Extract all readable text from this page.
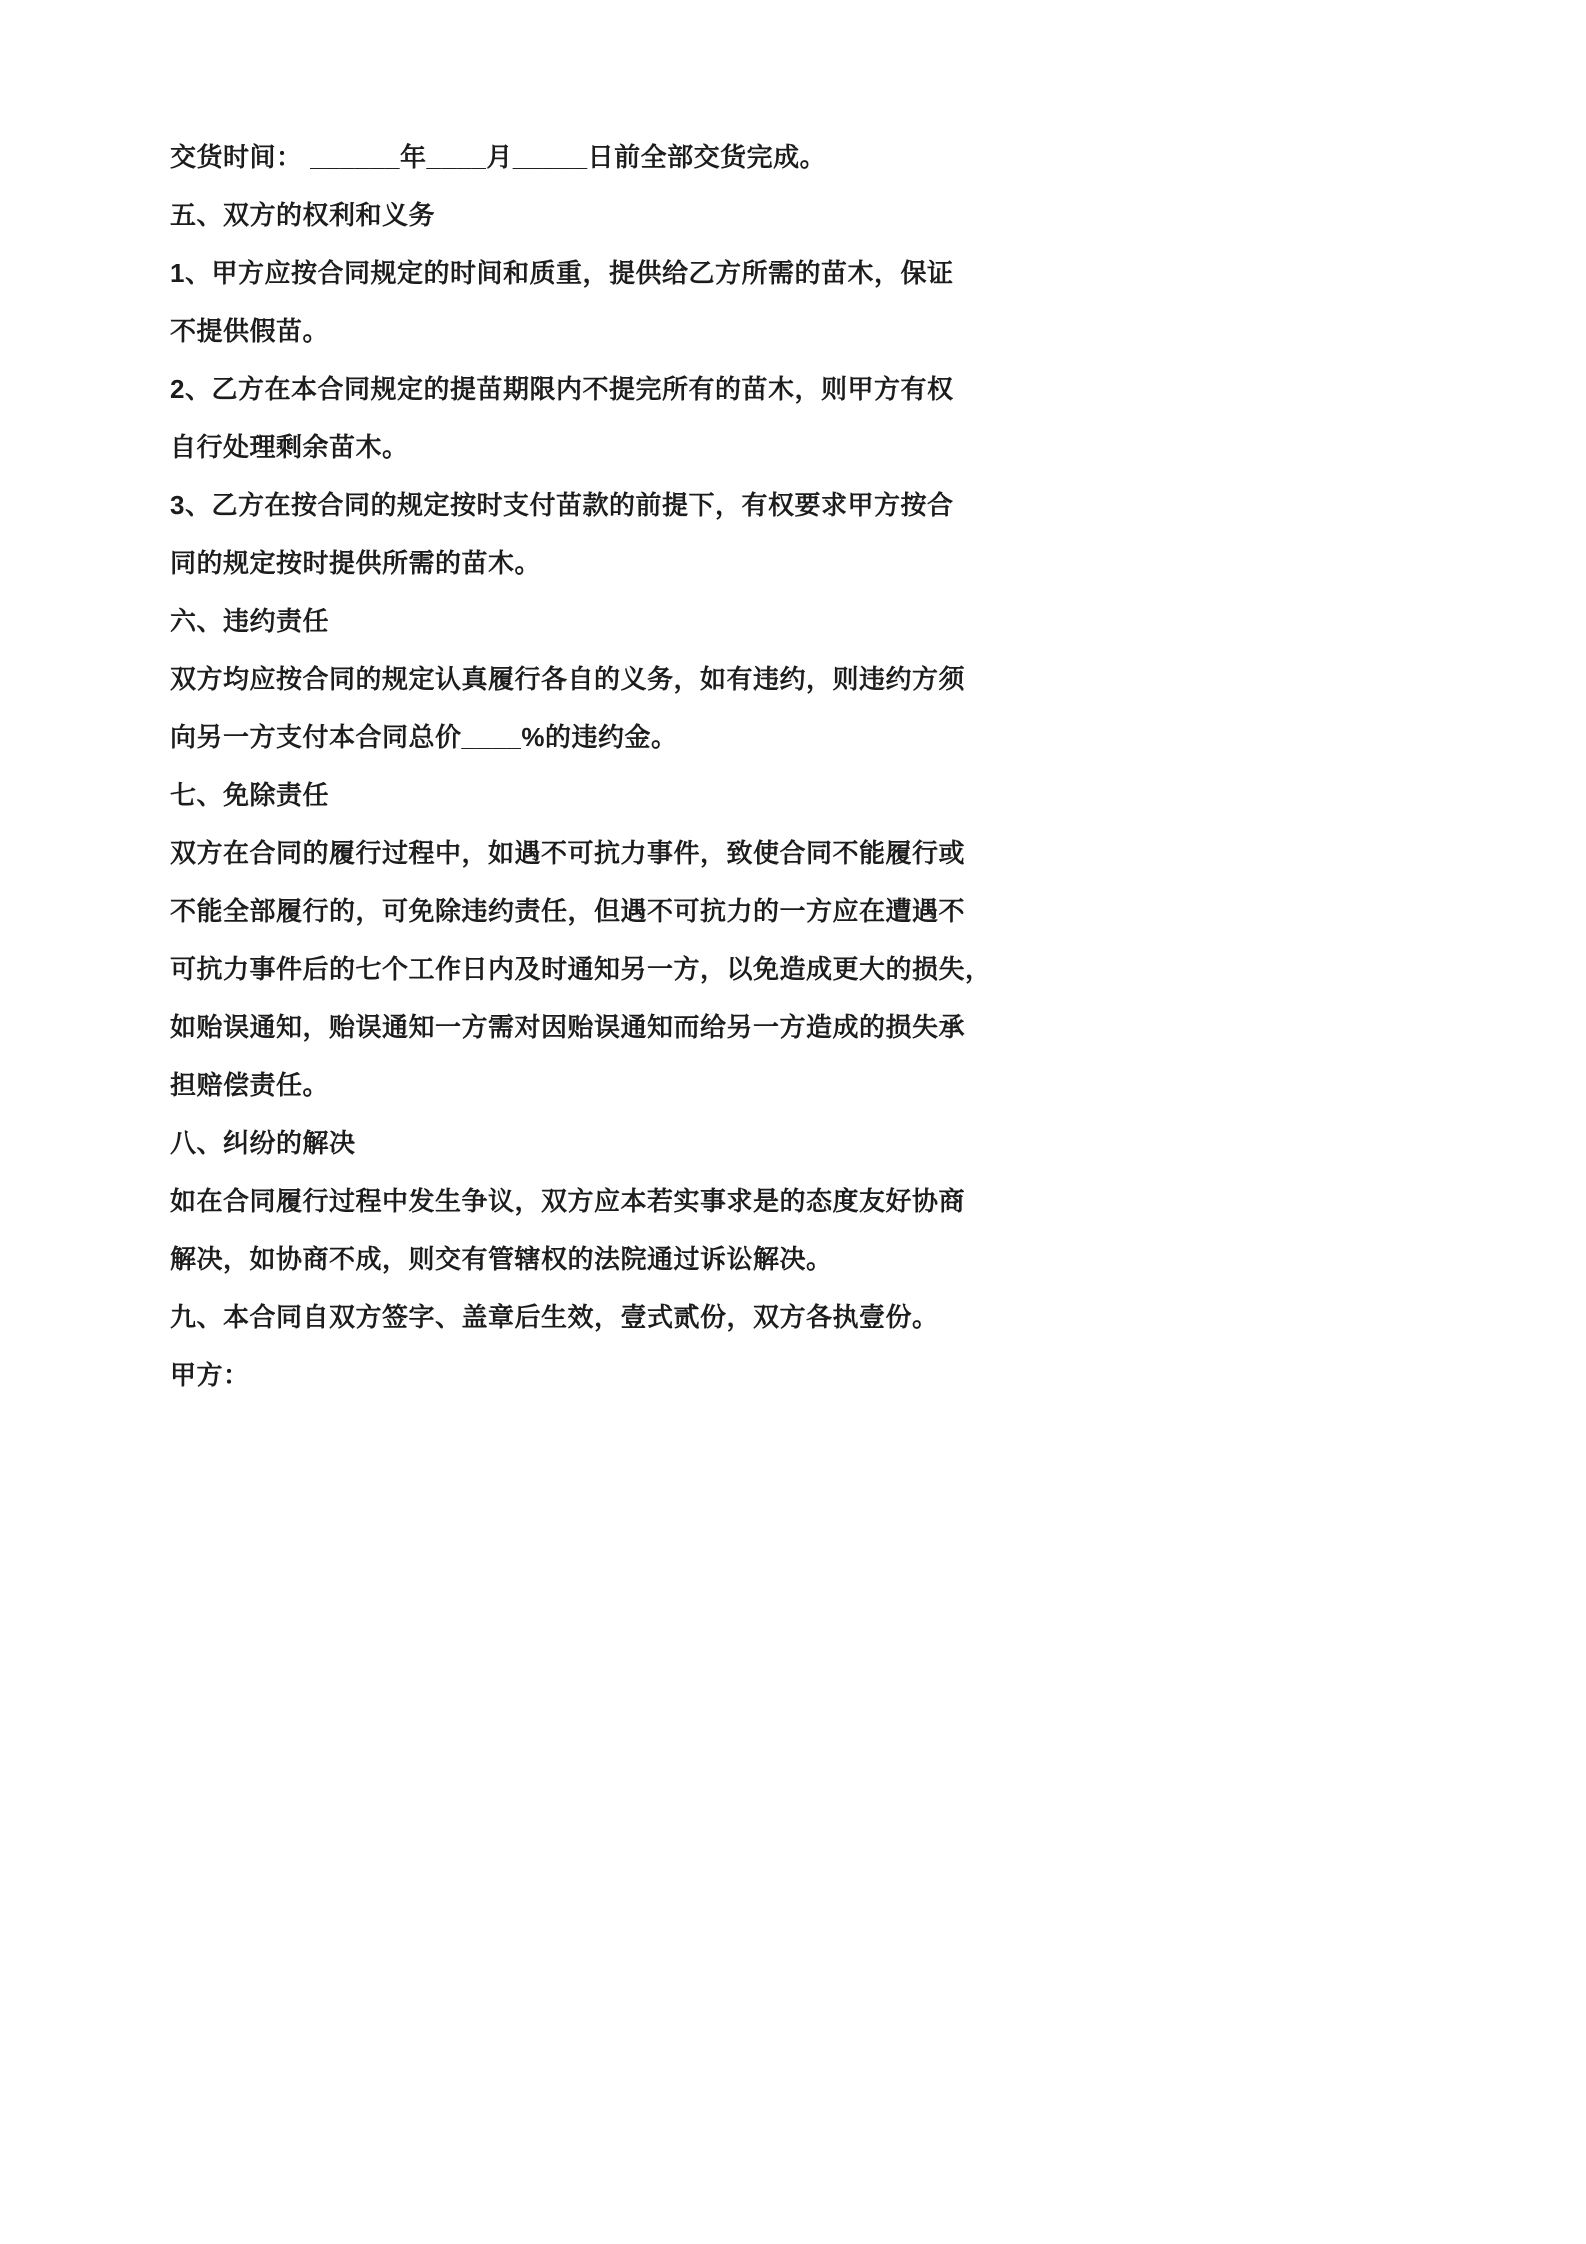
交货时间： ______年____月_____日前全部交货完成。
五、双方的权利和义务
1、甲方应按合同规定的时间和质重，提供给乙方所需的苗木，保证
不提供假苗。
2、乙方在本合同规定的提苗期限内不提完所有的苗木，则甲方有权
自行处理剩余苗木。
3、乙方在按合同的规定按时支付苗款的前提下，有权要求甲方按合
同的规定按时提供所需的苗木。
六、违约责任
双方均应按合同的规定认真履行各自的义务，如有违约，则违约方须
向另一方支付本合同总价____%的违约金。
七、免除责任
双方在合同的履行过程中，如遇不可抗力事件，致使合同不能履行或
不能全部履行的，可免除违约责任，但遇不可抗力的一方应在遭遇不
可抗力事件后的七个工作日内及时通知另一方，以免造成更大的损失，
如贻误通知，贻误通知一方需对因贻误通知而给另一方造成的损失承
担赔偿责任。
八、纠纷的解决
如在合同履行过程中发生争议，双方应本若实事求是的态度友好协商
解决，如协商不成，则交有管辖权的法院通过诉讼解决。
九、本合同自双方签字、盖章后生效，壹式贰份，双方各执壹份。
甲方：
